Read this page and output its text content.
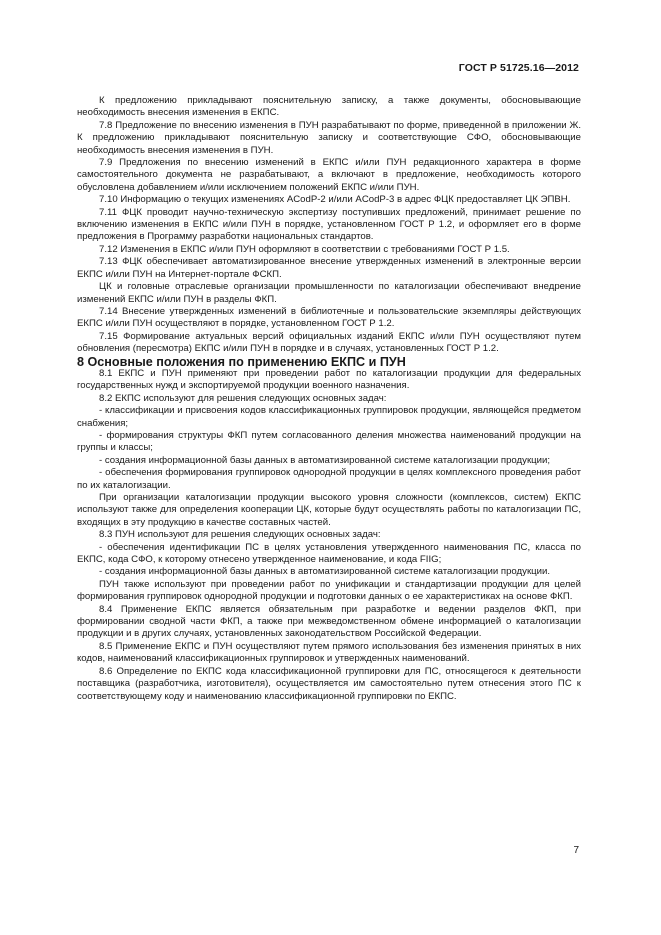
ГОСТ Р 51725.16—2012

К предложению прикладывают пояснительную записку, а также документы, обосновывающие необходимость внесения изменения в ЕКПС.

7.8 Предложение по внесению изменения в ПУН разрабатывают по форме, приведенной в приложении Ж. К предложению прикладывают пояснительную записку и соответствующие СФО, обосновывающие необходимость внесения изменения в ПУН.

7.9 Предложения по внесению изменений в ЕКПС и/или ПУН редакционного характера в форме самостоятельного документа не разрабатывают, а включают в предложение, необходимость которого обусловлена добавлением и/или исключением положений ЕКПС и/или ПУН.

7.10 Информацию о текущих изменениях ACodP-2 и/или ACodP-3 в адрес ФЦК предоставляет ЦК ЭПВН.

7.11 ФЦК проводит научно-техническую экспертизу поступивших предложений, принимает решение по включению изменения в ЕКПС и/или ПУН в порядке, установленном ГОСТ Р 1.2, и оформляет его в форме предложения в Программу разработки национальных стандартов.

7.12 Изменения в ЕКПС и/или ПУН оформляют в соответствии с требованиями ГОСТ Р 1.5.

7.13 ФЦК обеспечивает автоматизированное внесение утвержденных изменений в электронные версии ЕКПС и/или ПУН на Интернет-портале ФСКП.

ЦК и головные отраслевые организации промышленности по каталогизации обеспечивают внедрение изменений ЕКПС и/или ПУН в разделы ФКП.

7.14 Внесение утвержденных изменений в библиотечные и пользовательские экземпляры действующих ЕКПС и/или ПУН осуществляют в порядке, установленном ГОСТ Р 1.2.

7.15 Формирование актуальных версий официальных изданий ЕКПС и/или ПУН осуществляют путем обновления (пересмотра) ЕКПС и/или ПУН в порядке и в случаях, установленных ГОСТ Р 1.2.

8 Основные положения по применению ЕКПС и ПУН

8.1 ЕКПС и ПУН применяют при проведении работ по каталогизации продукции для федеральных государственных нужд и экспортируемой продукции военного назначения.

8.2 ЕКПС используют для решения следующих основных задач:

- классификации и присвоения кодов классификационных группировок продукции, являющейся предметом снабжения;

- формирования структуры ФКП путем согласованного деления множества наименований продукции на группы и классы;

- создания информационной базы данных в автоматизированной системе каталогизации продукции;

- обеспечения формирования группировок однородной продукции в целях комплексного проведения работ по их каталогизации.

При организации каталогизации продукции высокого уровня сложности (комплексов, систем) ЕКПС используют также для определения кооперации ЦК, которые будут осуществлять работы по каталогизации ПС, входящих в эту продукцию в качестве составных частей.

8.3 ПУН используют для решения следующих основных задач:

- обеспечения идентификации ПС в целях установления утвержденного наименования ПС, класса по ЕКПС, кода СФО, к которому отнесено утвержденное наименование, и кода FIIG;

- создания информационной базы данных в автоматизированной системе каталогизации продукции.

ПУН также используют при проведении работ по унификации и стандартизации продукции для целей формирования группировок однородной продукции и подготовки данных о ее характеристиках на основе ФКП.

8.4 Применение ЕКПС является обязательным при разработке и ведении разделов ФКП, при формировании сводной части ФКП, а также при межведомственном обмене информацией о каталогизации продукции и в других случаях, установленных законодательством Российской Федерации.

8.5 Применение ЕКПС и ПУН осуществляют путем прямого использования без изменения принятых в них кодов, наименований классификационных группировок и утвержденных наименований.

8.6 Определение по ЕКПС кода классификационной группировки для ПС, относящегося к деятельности поставщика (разработчика, изготовителя), осуществляется им самостоятельно путем отнесения этого ПС к соответствующему коду и наименованию классификационной группировки по ЕКПС.

7
